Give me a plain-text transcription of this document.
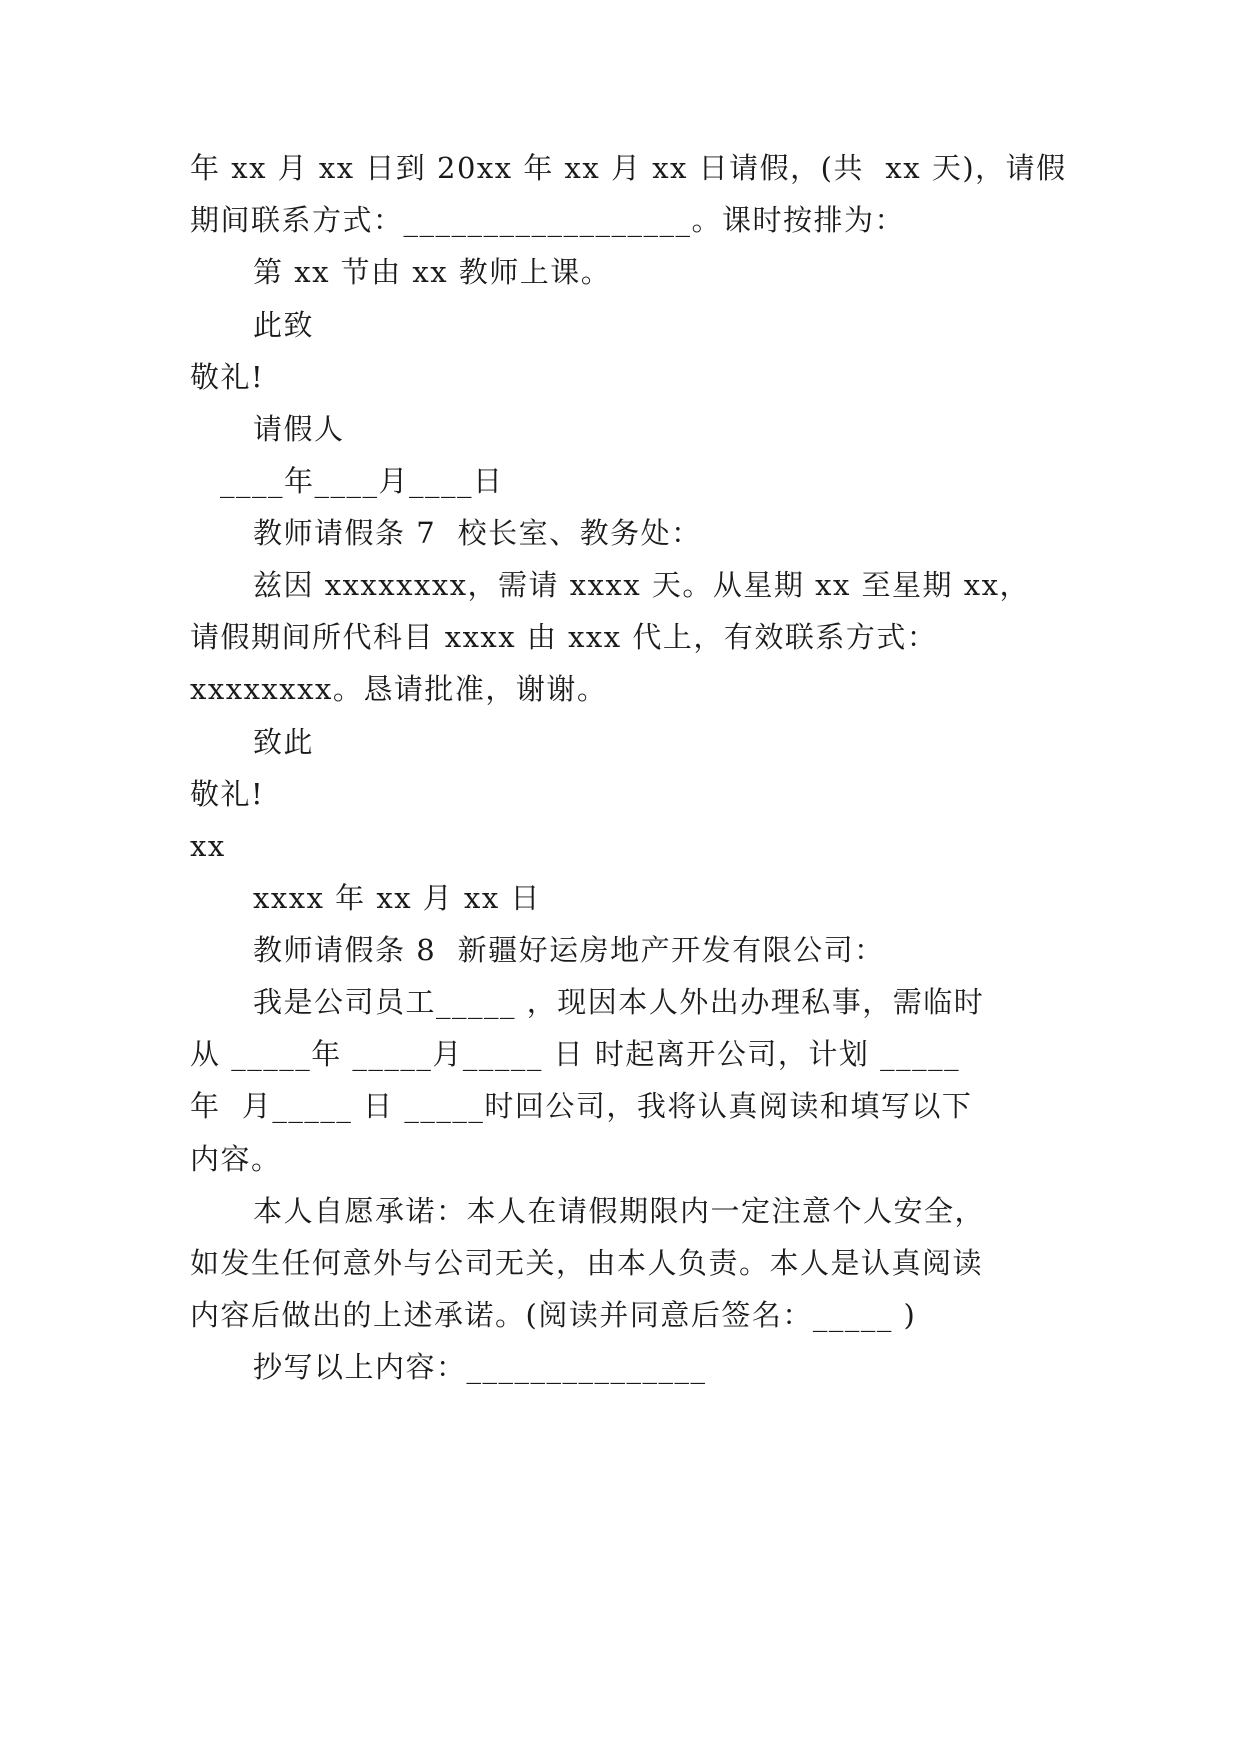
年 xx 月 xx 日到 20xx 年 xx 月 xx 日请假，(共  xx 天)，请假
期间联系方式：__________________。课时按排为：
第 xx 节由 xx 教师上课。
此致
敬礼!
请假人
____年____月____日
教师请假条 7  校长室、教务处：
兹因 xxxxxxxx，需请 xxxx 天。从星期 xx 至星期 xx，
请假期间所代科目 xxxx 由 xxx 代上，有效联系方式：
xxxxxxxx。恳请批准，谢谢。
致此
敬礼!
xx
xxxx 年 xx 月 xx 日
教师请假条 8  新疆好运房地产开发有限公司：
我是公司员工_____ ，现因本人外出办理私事，需临时
从 _____年 _____月_____ 日 时起离开公司，计划 _____
年  月_____ 日 _____时回公司，我将认真阅读和填写以下
内容。
本人自愿承诺：本人在请假期限内一定注意个人安全，
如发生任何意外与公司无关，由本人负责。本人是认真阅读
内容后做出的上述承诺。(阅读并同意后签名：_____ )
抄写以上内容：_______________
